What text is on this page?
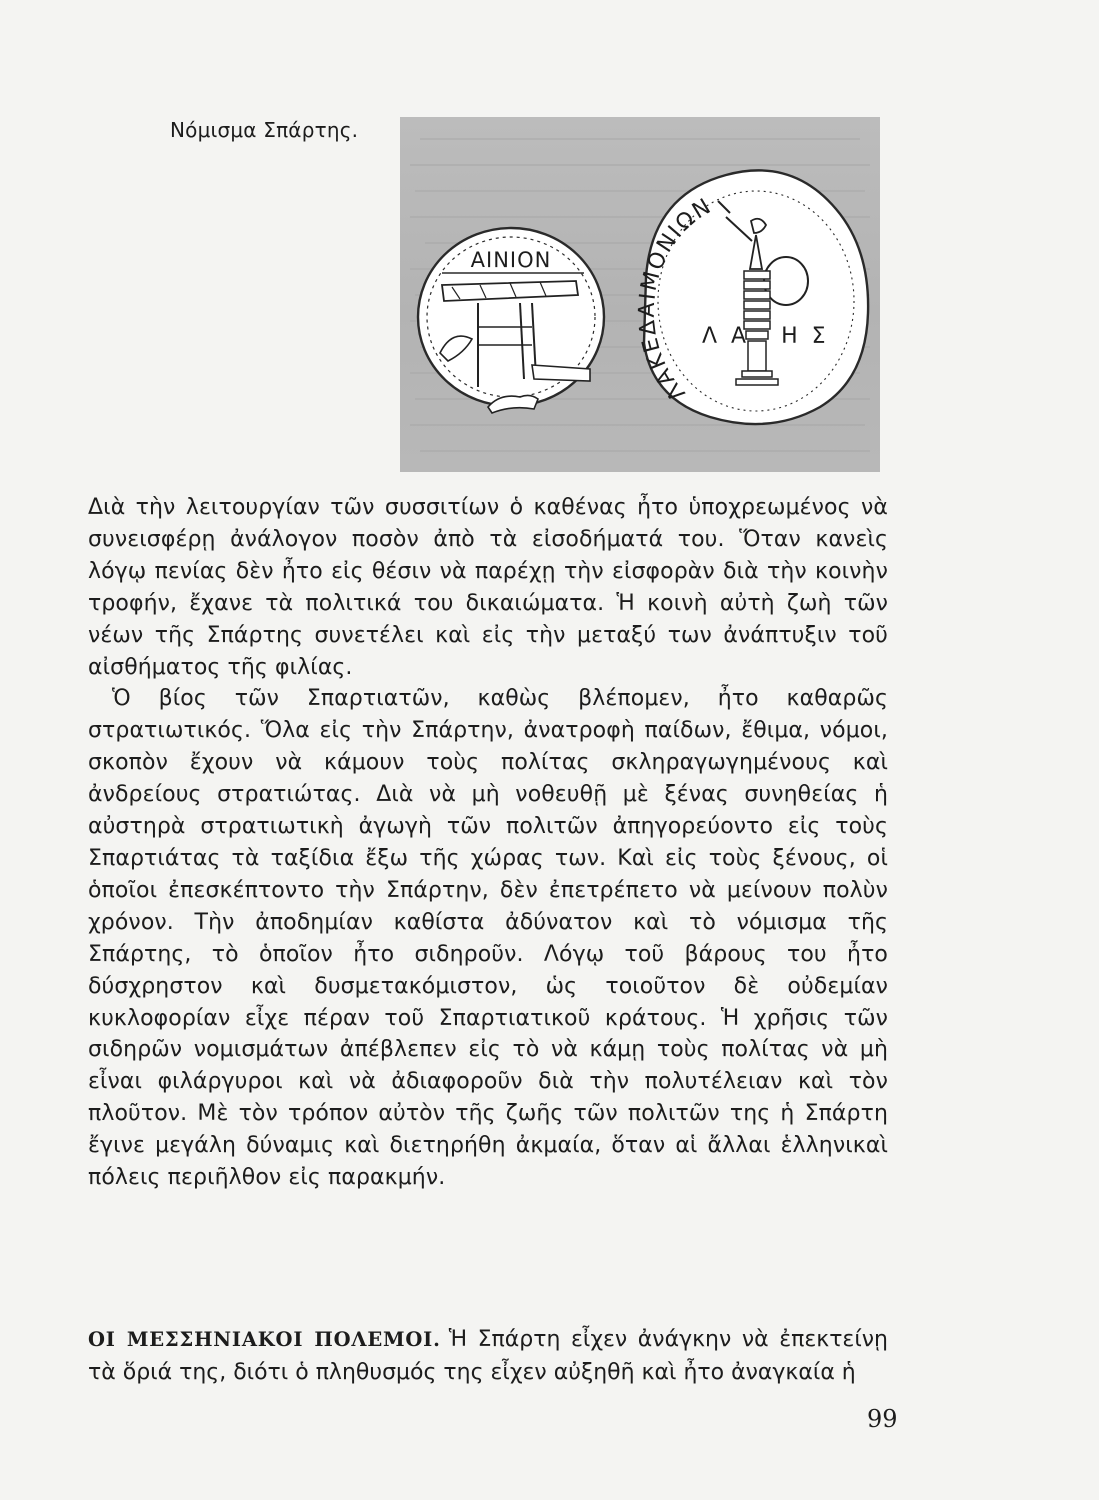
Νόμισμα Σπάρτης.
ΑΙΝΙΟΝ
ΛΑΚΕΔΑΙΜΟΝΙΩΝ
ΛΑ ΗΣ

Διὰ τὴν λειτουργίαν τῶν συσσιτίων ὁ καθένας ἦτο ὑποχρεωμένος νὰ συνεισφέρῃ ἀνάλογον ποσὸν ἀπὸ τὰ εἰσοδήματά του. Ὅταν κανεὶς λόγῳ πενίας δὲν ἦτο εἰς θέσιν νὰ παρέχῃ τὴν εἰσφορὰν διὰ τὴν κοινὴν τροφήν, ἔχανε τὰ πολιτικά του δικαιώματα. Ἡ κοινὴ αὐτὴ ζωὴ τῶν νέων τῆς Σπάρτης συνετέλει καὶ εἰς τὴν μεταξύ των ἀνάπτυξιν τοῦ αἰσθήματος τῆς φιλίας.

Ὁ βίος τῶν Σπαρτιατῶν, καθὼς βλέπομεν, ἦτο καθαρῶς στρατιωτικός. Ὅλα εἰς τὴν Σπάρτην, ἀνατροφὴ παίδων, ἔθιμα, νόμοι, σκοπὸν ἔχουν νὰ κάμουν τοὺς πολίτας σκληραγωγημένους καὶ ἀνδρείους στρατιώτας. Διὰ νὰ μὴ νοθευθῇ μὲ ξένας συνηθείας ἡ αὐστηρὰ στρατιωτικὴ ἀγωγὴ τῶν πολιτῶν ἀπηγορεύοντο εἰς τοὺς Σπαρτιάτας τὰ ταξίδια ἔξω τῆς χώρας των. Καὶ εἰς τοὺς ξένους, οἱ ὁποῖοι ἐπεσκέπτοντο τὴν Σπάρτην, δὲν ἐπετρέπετο νὰ μείνουν πολὺν χρόνον. Τὴν ἀποδημίαν καθίστα ἀδύνατον καὶ τὸ νόμισμα τῆς Σπάρτης, τὸ ὁποῖον ἦτο σιδηροῦν. Λόγῳ τοῦ βάρους του ἦτο δύσχρηστον καὶ δυσμετακόμιστον, ὡς τοιοῦτον δὲ οὐδεμίαν κυκλοφορίαν εἶχε πέραν τοῦ Σπαρτιατικοῦ κράτους. Ἡ χρῆσις τῶν σιδηρῶν νομισμάτων ἀπέβλεπεν εἰς τὸ νὰ κάμῃ τοὺς πολίτας νὰ μὴ εἶναι φιλάργυροι καὶ νὰ ἀδιαφοροῦν διὰ τὴν πολυτέλειαν καὶ τὸν πλοῦτον. Μὲ τὸν τρόπον αὐτὸν τῆς ζωῆς τῶν πολιτῶν της ἡ Σπάρτη ἔγινε μεγάλη δύναμις καὶ διετηρήθη ἀκμαία, ὅταν αἱ ἄλλαι ἑλληνικαὶ πόλεις περιῆλθον εἰς παρακμήν.

ΟΙ ΜΕΣΣΗΝΙΑΚΟΙ ΠΟΛΕΜΟΙ. Ἡ Σπάρτη εἶχεν ἀνάγκην νὰ ἐπεκτείνῃ τὰ ὅριά της, διότι ὁ πληθυσμός της εἶχεν αὐξηθῆ καὶ ἦτο ἀναγκαία ἡ
99
